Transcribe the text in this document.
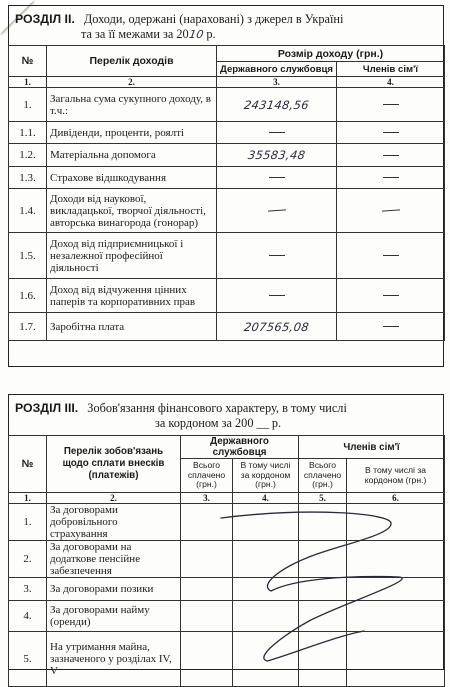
РОЗДІЛ ІІ. Доходи, одержані (нараховані) з джерел в Україні
та за її межами за 2010 р.
№	Перелік доходів	Розмір доходу (грн.)	
		Державного службовця	Членів сім'ї
1.	2.	3.	4.
1.	Загальна сума сукупного доходу, в т.ч.:	243148,56	

1.1.	Дивіденди, проценти, роялті	

1.2.	Матеріальна допомога	35583,48	

1.3.	Страхове відшкодування	

1.4.	Доходи від наукової, викладацької, творчої діяльності, авторська винагорода (гонорар)	

1.5.	Доход від підприємницької і незалежної професійної діяльності	

1.6.	Доход від відчуження цінних паперів та корпоративних прав	

1.7.	Заробітна плата	207565,08	
РОЗДІЛ ІІІ. Зобов'язання фінансового характеру, в тому числі
за кордоном за 200 __ р.
№	Перелік зобов'язань щодо сплати внесків (платежів)	Державного службовця		Членів сім'ї	
		Всього сплачено (грн.)	В тому числі за кордоном (грн.)	Всього сплачено (грн.)	В тому числі за кордоном (грн.)
1.	2.	3.	4.	5.	6.
1.	За договорами добровільного страхування				
2.	За договорами на додаткове пенсійне забезпечення				
3.	За договорами позики				
4.	За договорами найму (оренди)				
5.	На утримання майна, зазначеного у розділах IV, V				
